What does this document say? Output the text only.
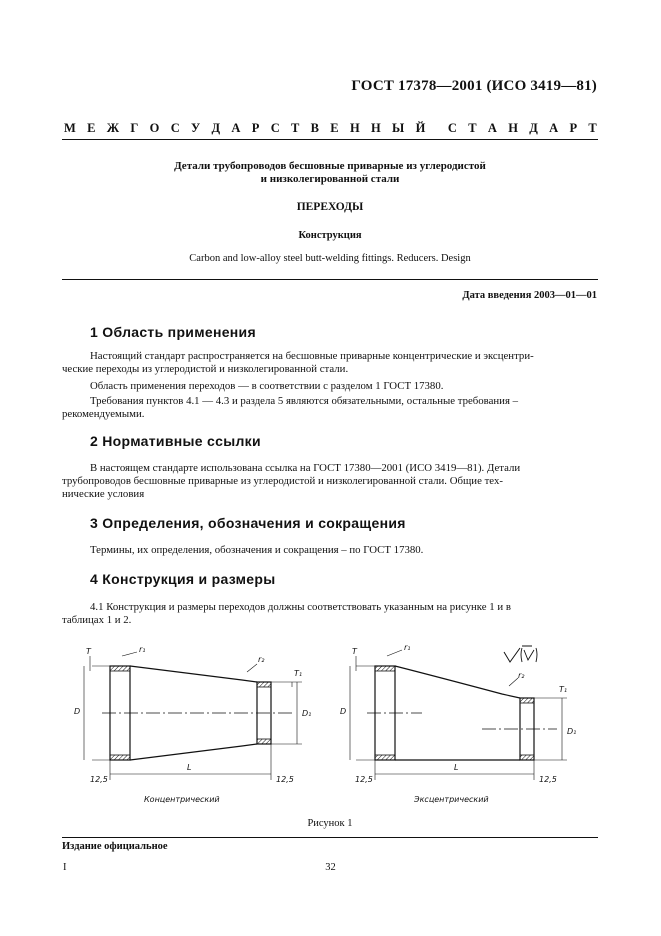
ГОСТ 17378—2001 (ИСО 3419—81)
М Е Ж Г О С У Д А Р С Т В Е Н Н Ы Й С Т А Н Д А Р Т
Детали трубопроводов бесшовные приварные из углеродистой
и низколегированной стали
ПЕРЕХОДЫ
Конструкция
Carbon and low-alloy steel butt-welding fittings. Reducers. Design
Дата введения 2003—01—01
1 Область применения

Настоящий стандарт распространяется на бесшовные приварные концентрические и эксцентри-

ческие переходы из углеродистой и низколегированной стали.

Область применения переходов — в соответствии с разделом 1 ГОСТ 17380.

Требования пунктов 4.1 — 4.3 и раздела 5 являются обязательными, остальные требования –

рекомендуемыми.

2 Нормативные ссылки

В настоящем стандарте использована ссылка на ГОСТ 17380—2001 (ИСО 3419—81). Детали

трубопроводов бесшовные приварные из углеродистой и низколегированной стали. Общие тех-

нические условия

3 Определения, обозначения и сокращения

Термины, их определения, обозначения и сокращения – по ГОСТ 17380.

4 Конструкция и размеры

4.1 Конструкция и размеры переходов должны соответствовать указанным на рисунке 1 и в

таблицах 1 и 2.

D	D₁
L
T
T₁
r₁
r₂
12,5	12,5
Концентрический
D
D₁
L
T
T₁
r₁
r₂
12,5	12,5
Эксцентрический
Рисунок 1
Издание официальное
I	32
